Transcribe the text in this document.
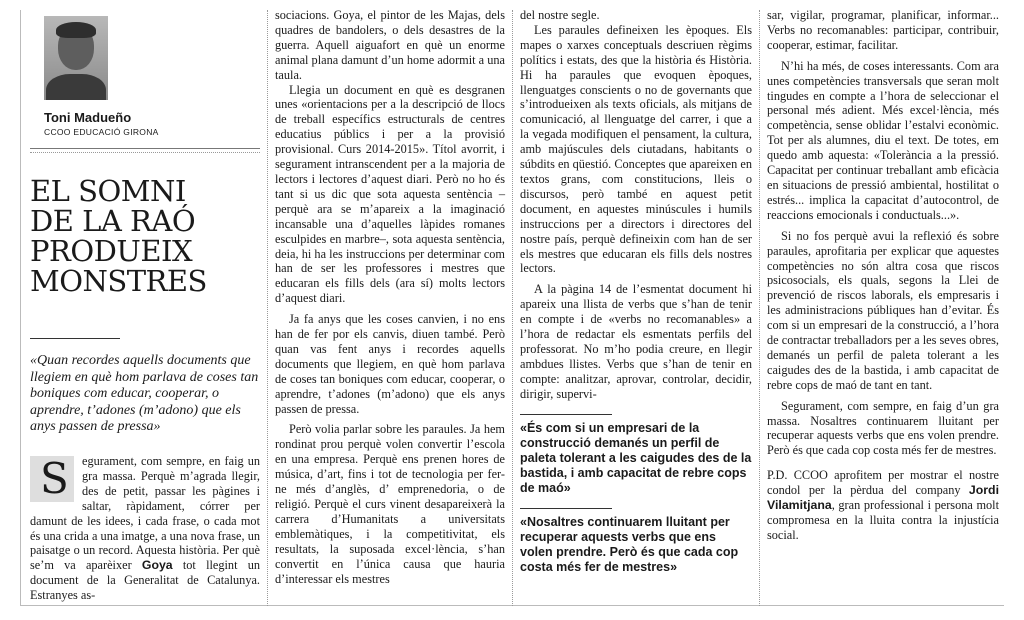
Toni Madueño
CCOO EDUCACIÓ GIRONA
EL SOMNI
DE LA RAÓ
PRODUEIX
MONSTRES
«Quan recordes aquells documents que llegiem en què hom parlava de coses tan boniques com educar, cooperar, o aprendre, t’adones (m’adono) que els anys passen de pressa»
S	egurament, com sempre, en faig un gra massa. Perquè m’agrada llegir, des de petit, passar les pàgines i saltar, ràpidament, córrer per damunt de les idees, i cada frase, o cada mot és una crida a una imatge, a una nova frase, un paisatge o un record. Aquesta història. Per què se’m va aparèixer Goya tot llegint un document de la Generalitat de Catalunya. Estranyes as-

sociacions. Goya, el pintor de les Majas, dels quadres de bandolers, o dels desastres de la guerra. Aquell aiguafort en què un enorme animal plana damunt d’un home adormit a una taula.

Llegia un document en què es desgranen unes «orientacions per a la descripció de llocs de treball específics estructurals de centres educatius públics i per a la provisió provisional. Curs 2014-2015». Títol avorrit, i segurament intranscendent per a la majoria de lectors i lectores d’aquest diari. Però no ho és tant si us dic que sota aquesta sentència –perquè ara se m’apareix a la imaginació incansable una d’aquelles làpides romanes esculpides en marbre–, sota aquesta sentència, deia, hi ha les instruccions per determinar com han de ser les professores i mestres que educaran els fills dels (ara sí) molts lectors d’aquest diari.

Ja fa anys que les coses canvien, i no ens han de fer por els canvis, diuen també. Però quan vas fent anys i recordes aquells documents que llegiem, en què hom parlava de coses tan boniques com educar, cooperar, o aprendre, t’adones (m’adono) que els anys passen de pressa.

Però volia parlar sobre les paraules. Ja hem rondinat prou perquè volen convertir l’escola en una empresa. Perquè ens prenen hores de música, d’art, fins i tot de tecnologia per fer-ne més d’anglès, d’ emprenedoria, o de religió. Perquè el curs vinent desapareixerà la carrera d’Humanitats a universitats emblemàtiques, i la competitivitat, els resultats, la suposada excel·lència, s’han convertit en l’única causa que hauria d’interessar els mestres

del nostre segle.

Les paraules defineixen les èpoques. Els mapes o xarxes conceptuals descriuen règims polítics i estats, des que la història és Història. Hi ha paraules que evoquen èpoques, llenguatges conscients o no de governants que s’introdueixen als texts oficials, als mitjans de comunicació, al llenguatge del carrer, i que a la vegada modifiquen el pensament, la cultura, amb majúscules dels ciutadans, habitants o súbdits en qüestió. Conceptes que apareixen en textos grans, com constitucions, lleis o discursos, però també en aquest petit document, en aquestes minúscules i humils instruccions per a directors i directores del nostre país, perquè defineixin com han de ser els mestres que educaran els fills dels nostres lectors.

A la pàgina 14 de l’esmentat document hi apareix una llista de verbs que s’han de tenir en compte i de «verbs no recomanables» a l’hora de redactar els esmentats perfils del professorat. No m’ho podia creure, en llegir ambdues llistes. Verbs que s’han de tenir en compte: analitzar, aprovar, controlar, decidir, dirigir, supervi-

«És com si un empresari de la construcció demanés un perfil de paleta tolerant a les caigudes des de la bastida, i amb capacitat de rebre cops de maó»
«Nosaltres continuarem lluitant per recuperar aquests verbs que ens volen prendre. Però és que cada cop costa més fer de mestres»

sar, vigilar, programar, planificar, informar... Verbs no recomanables: participar, contribuir, cooperar, estimar, facilitar.

N’hi ha més, de coses interessants. Com ara unes competències transversals que seran molt tingudes en compte a l’hora de seleccionar el personal més adient. Més excel·lència, més competència, sense oblidar l’estalvi econòmic. Tot per als alumnes, diu el text. De totes, em quedo amb aquesta: «Tolerància a la pressió. Capacitat per continuar treballant amb eficàcia en situacions de pressió ambiental, hostilitat o estrés... implica la capacitat d’autocontrol, de reaccions emocionals i conductuals...».

Si no fos perquè avui la reflexió és sobre paraules, aprofitaria per explicar que aquestes competències no són altra cosa que riscos psicosocials, els quals, segons la Llei de prevenció de riscos laborals, els empresaris i les administracions públiques han d’evitar. És com si un empresari de la construcció, a l’hora de contractar treballadors per a les seves obres, demanés un perfil de paleta tolerant a les caigudes des de la bastida, i amb capacitat de rebre cops de maó de tant en tant.

Segurament, com sempre, en faig d’un gra massa. Nosaltres continuarem lluitant per recuperar aquests verbs que ens volen prendre. Però és que cada cop costa més fer de mestres.

P.D. CCOO aprofitem per mostrar el nostre condol per la pèrdua del company Jordi Vilamitjana, gran professional i persona molt compromesa en la lluita contra la injustícia social.
